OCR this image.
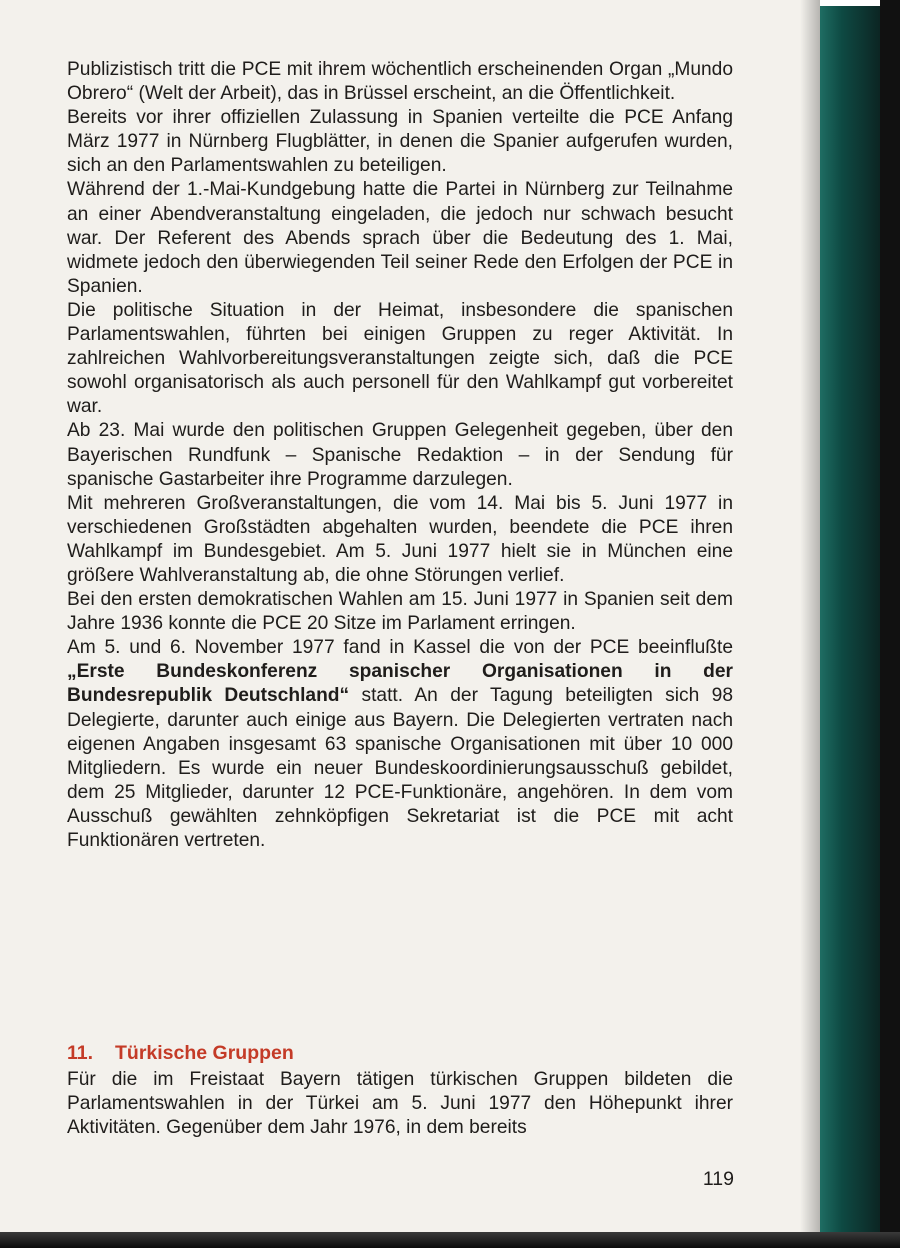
Publizistisch tritt die PCE mit ihrem wöchentlich erscheinenden Organ „Mundo Obrero“ (Welt der Arbeit), das in Brüssel erscheint, an die Öffentlichkeit.

Bereits vor ihrer offiziellen Zulassung in Spanien verteilte die PCE Anfang März 1977 in Nürnberg Flugblätter, in denen die Spanier aufgerufen wurden, sich an den Parlamentswahlen zu beteiligen.

Während der 1.-Mai-Kundgebung hatte die Partei in Nürnberg zur Teilnahme an einer Abendveranstaltung eingeladen, die jedoch nur schwach besucht war. Der Referent des Abends sprach über die Bedeutung des 1. Mai, widmete jedoch den überwiegenden Teil seiner Rede den Erfolgen der PCE in Spanien.

Die politische Situation in der Heimat, insbesondere die spanischen Parlamentswahlen, führten bei einigen Gruppen zu reger Aktivität. In zahlreichen Wahlvorbereitungsveranstaltungen zeigte sich, daß die PCE sowohl organisatorisch als auch personell für den Wahlkampf gut vorbereitet war.

Ab 23. Mai wurde den politischen Gruppen Gelegenheit gegeben, über den Bayerischen Rundfunk – Spanische Redaktion – in der Sendung für spanische Gastarbeiter ihre Programme darzulegen.

Mit mehreren Großveranstaltungen, die vom 14. Mai bis 5. Juni 1977 in verschiedenen Großstädten abgehalten wurden, beendete die PCE ihren Wahlkampf im Bundesgebiet. Am 5. Juni 1977 hielt sie in München eine größere Wahlveranstaltung ab, die ohne Störungen verlief.

Bei den ersten demokratischen Wahlen am 15. Juni 1977 in Spanien seit dem Jahre 1936 konnte die PCE 20 Sitze im Parlament erringen.

Am 5. und 6. November 1977 fand in Kassel die von der PCE beeinflußte „Erste Bundeskonferenz spanischer Organisationen in der Bundesrepublik Deutschland“ statt. An der Tagung beteiligten sich 98 Delegierte, darunter auch einige aus Bayern. Die Delegierten vertraten nach eigenen Angaben insgesamt 63 spanische Organisationen mit über 10 000 Mitgliedern. Es wurde ein neuer Bundeskoordinierungsausschuß gebildet, dem 25 Mitglieder, darunter 12 PCE-Funktionäre, angehören. In dem vom Ausschuß gewählten zehnköpfigen Sekretariat ist die PCE mit acht Funktionären vertreten.

11. Türkische Gruppen

Für die im Freistaat Bayern tätigen türkischen Gruppen bildeten die Parlamentswahlen in der Türkei am 5. Juni 1977 den Höhepunkt ihrer Aktivitäten. Gegenüber dem Jahr 1976, in dem bereits

119
